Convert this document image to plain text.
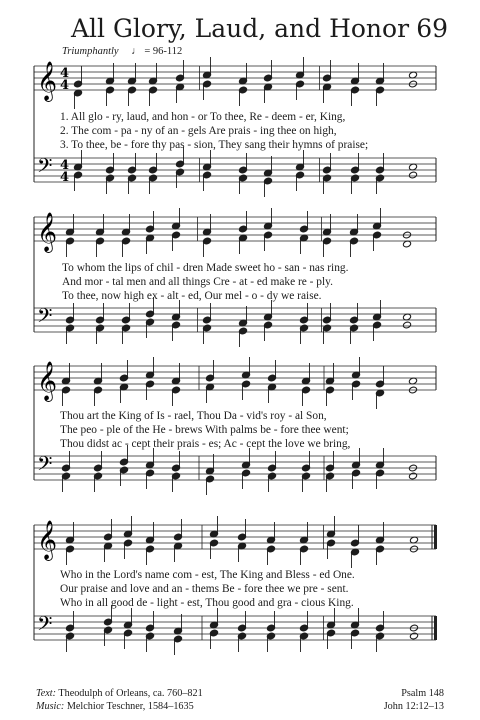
All Glory, Laud, and Honor 69
Triumphantly ♩ = 96-112
𝄞
𝄢
4
4
4
4
𝄞
𝄢
𝄞
𝄢
𝄞
𝄢
1. All glo - ry, laud, and hon - or To thee, Re - deem - er, King,
2. The com - pa - ny of an - gels Are prais - ing thee on high,
3. To thee, be - fore thy pas - sion, They sang their hymns of praise;
To whom the lips of chil - dren Made sweet ho - san - nas ring.
And mor - tal men and all things Cre - at - ed make re - ply.
To thee, now high ex - alt - ed, Our mel - o - dy we raise.
Thou art the King of Is - rael, Thou Da - vid's roy - al Son,
The peo - ple of the He - brews With palms be - fore thee went;
Thou didst ac - cept their prais - es; Ac - cept the love we bring,
Who in the Lord's name com - est, The King and Bless - ed One.
Our praise and love and an - thems Be - fore thee we pre - sent.
Who in all good de - light - est, Thou good and gra - cious King.
Text: Theodulph of Orleans, ca. 760–821
Music: Melchior Teschner, 1584–1635
Psalm 148
John 12:12–13
